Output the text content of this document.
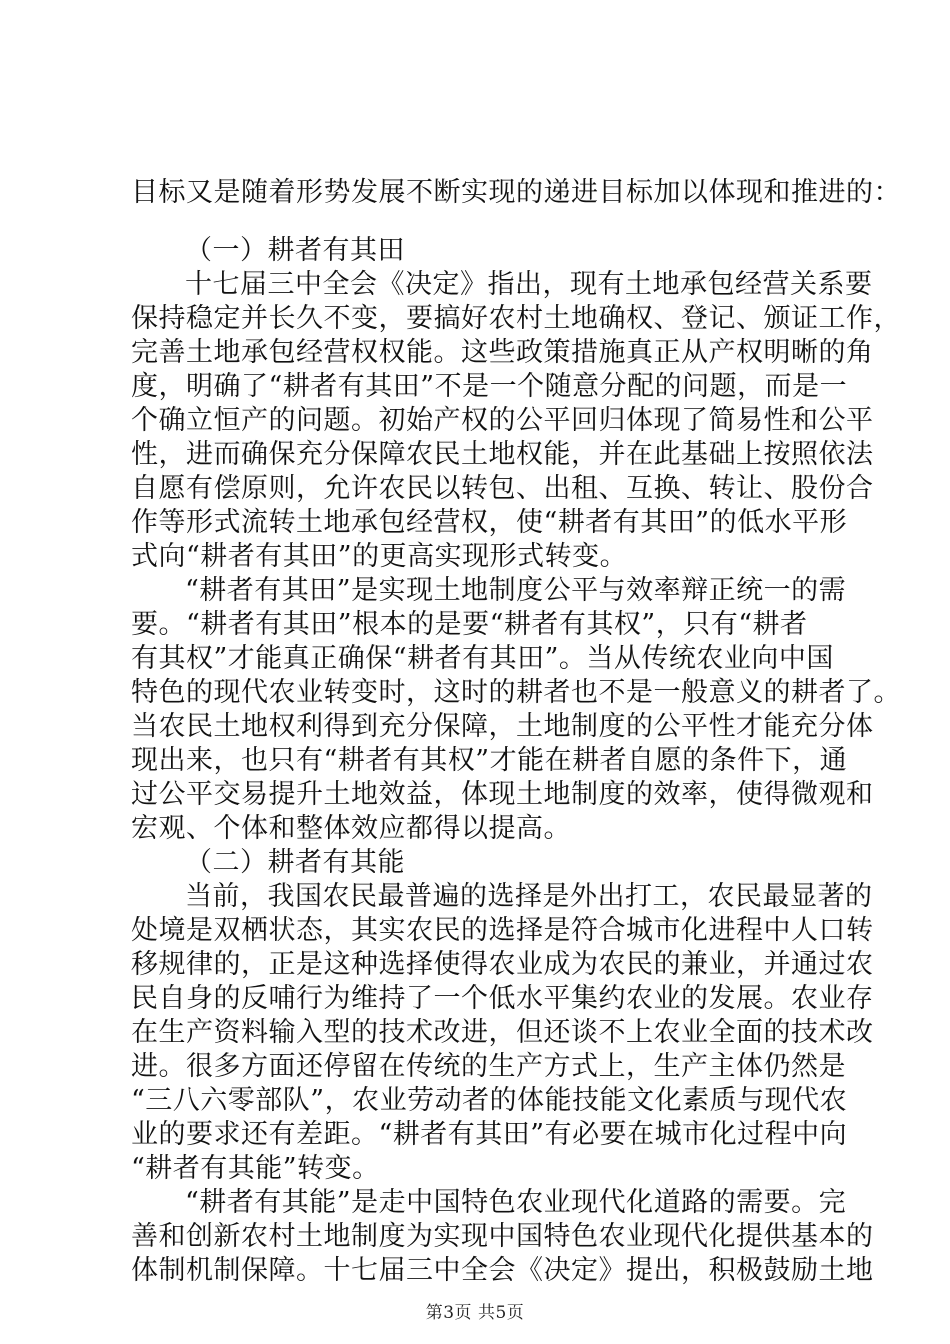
目标又是随着形势发展不断实现的递进目标加以体现和推进的：
（一）耕者有其田
十七届三中全会《决定》指出，现有土地承包经营关系要
保持稳定并长久不变，要搞好农村土地确权、登记、颁证工作，
完善土地承包经营权权能。这些政策措施真正从产权明晰的角
度，明确了“耕者有其田”不是一个随意分配的问题，而是一
个确立恒产的问题。初始产权的公平回归体现了简易性和公平
性，进而确保充分保障农民土地权能，并在此基础上按照依法
自愿有偿原则，允许农民以转包、出租、互换、转让、股份合
作等形式流转土地承包经营权，使“耕者有其田”的低水平形
式向“耕者有其田”的更高实现形式转变。
“耕者有其田”是实现土地制度公平与效率辩正统一的需
要。“耕者有其田”根本的是要“耕者有其权”，只有“耕者
有其权”才能真正确保“耕者有其田”。当从传统农业向中国
特色的现代农业转变时，这时的耕者也不是一般意义的耕者了。
当农民土地权利得到充分保障，土地制度的公平性才能充分体
现出来，也只有“耕者有其权”才能在耕者自愿的条件下，通
过公平交易提升土地效益，体现土地制度的效率，使得微观和
宏观、个体和整体效应都得以提高。
（二）耕者有其能
当前，我国农民最普遍的选择是外出打工，农民最显著的
处境是双栖状态，其实农民的选择是符合城市化进程中人口转
移规律的，正是这种选择使得农业成为农民的兼业，并通过农
民自身的反哺行为维持了一个低水平集约农业的发展。农业存
在生产资料输入型的技术改进，但还谈不上农业全面的技术改
进。很多方面还停留在传统的生产方式上，生产主体仍然是
“三八六零部队”，农业劳动者的体能技能文化素质与现代农
业的要求还有差距。“耕者有其田”有必要在城市化过程中向
“耕者有其能”转变。
“耕者有其能”是走中国特色农业现代化道路的需要。完
善和创新农村土地制度为实现中国特色农业现代化提供基本的
体制机制保障。十七届三中全会《决定》提出，积极鼓励土地
第3页 共5页
